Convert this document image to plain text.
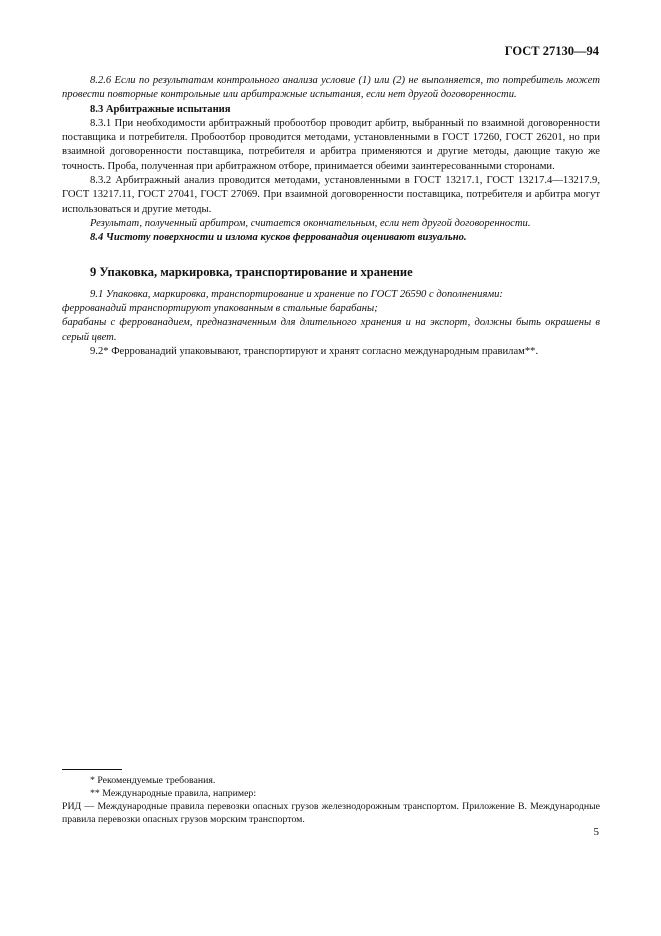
ГОСТ 27130—94

8.2.6 Если по результатам контрольного анализа условие (1) или (2) не выполняется, то потребитель может провести повторные контрольные или арбитражные испытания, если нет другой договоренности.

8.3 Арбитражные испытания

8.3.1 При необходимости арбитражный пробоотбор проводит арбитр, выбранный по взаимной договоренности поставщика и потребителя. Пробоотбор проводится методами, установленными в ГОСТ 17260, ГОСТ 26201, но при взаимной договоренности поставщика, потребителя и арбитра применяются и другие методы, дающие такую же точность. Проба, полученная при арбитражном отборе, принимается обеими заинтересованными сторонами.

8.3.2 Арбитражный анализ проводится методами, установленными в ГОСТ 13217.1, ГОСТ 13217.4—13217.9, ГОСТ 13217.11, ГОСТ 27041, ГОСТ 27069. При взаимной договоренности поставщика, потребителя и арбитра могут использоваться и другие методы.

Результат, полученный арбитром, считается окончательным, если нет другой договоренности.

8.4 Чистоту поверхности и излома кусков феррованадия оценивают визуально.

9 Упаковка, маркировка, транспортирование и хранение

9.1 Упаковка, маркировка, транспортирование и хранение по ГОСТ 26590 с дополнениями:

феррованадий транспортируют упакованным в стальные барабаны;

барабаны с феррованадием, предназначенным для длительного хранения и на экспорт, должны быть окрашены в серый цвет.

9.2* Феррованадий упаковывают, транспортируют и хранят согласно международным правилам**.

* Рекомендуемые требования.

** Международные правила, например:

РИД — Международные правила перевозки опасных грузов железнодорожным транспортом. Приложение В. Международные правила перевозки опасных грузов морским транспортом.

5
